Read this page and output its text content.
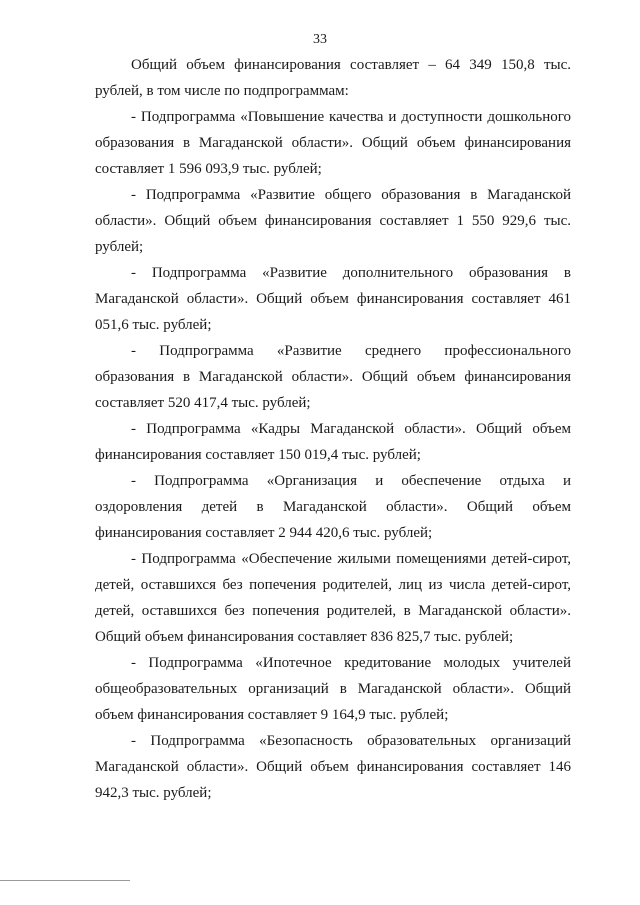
33

Общий объем финансирования составляет – 64 349 150,8 тыс. рублей, в том числе по подпрограммам:

- Подпрограмма «Повышение качества и доступности дошкольного образования в Магаданской области». Общий объем финансирования составляет 1 596 093,9 тыс. рублей;

- Подпрограмма «Развитие общего образования в Магаданской области». Общий объем финансирования составляет 1 550 929,6 тыс. рублей;

- Подпрограмма «Развитие дополнительного образования в Магаданской области». Общий объем финансирования составляет 461 051,6 тыс. рублей;

- Подпрограмма «Развитие среднего профессионального образования в Магаданской области». Общий объем финансирования составляет 520 417,4 тыс. рублей;

- Подпрограмма «Кадры Магаданской области». Общий объем финансирования составляет 150 019,4 тыс. рублей;

- Подпрограмма «Организация и обеспечение отдыха и оздоровления детей в Магаданской области». Общий объем финансирования составляет 2 944 420,6 тыс. рублей;

- Подпрограмма «Обеспечение жилыми помещениями детей-сирот, детей, оставшихся без попечения родителей, лиц из числа детей-сирот, детей, оставшихся без попечения родителей, в Магаданской области». Общий объем финансирования составляет 836 825,7 тыс. рублей;

- Подпрограмма «Ипотечное кредитование молодых учителей общеобразовательных организаций в Магаданской области». Общий объем финансирования составляет 9 164,9 тыс. рублей;

- Подпрограмма «Безопасность образовательных организаций Магаданской области». Общий объем финансирования составляет 146 942,3 тыс. рублей;
